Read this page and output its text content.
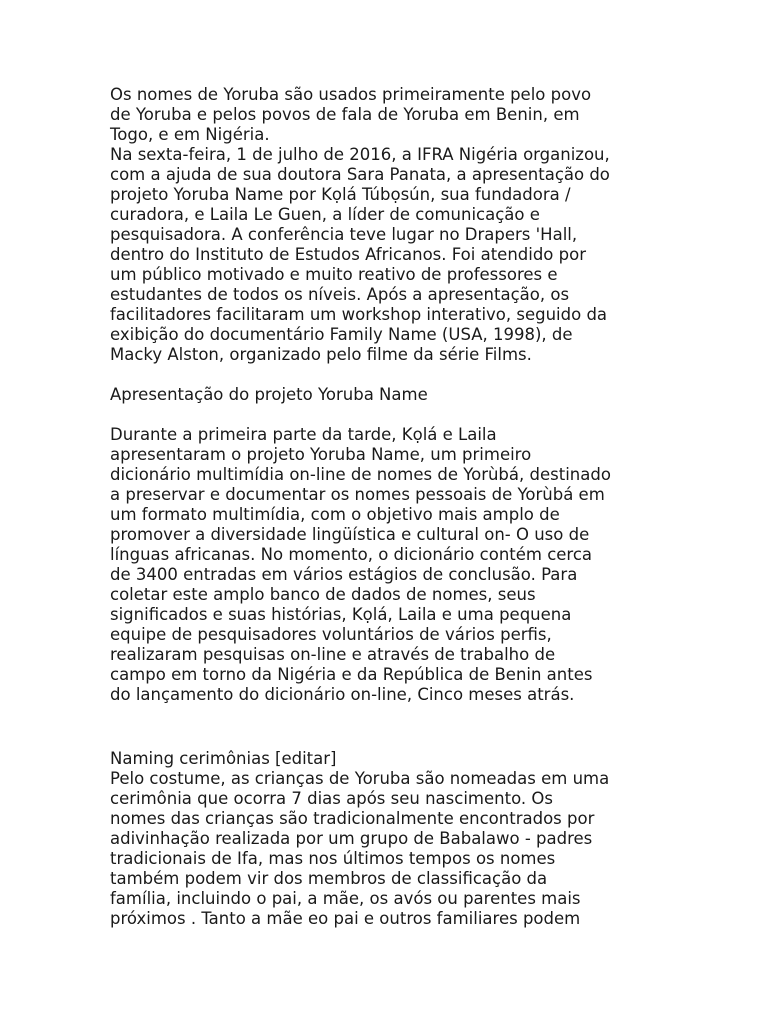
Os nomes de Yoruba são usados primeiramente pelo povo
de Yoruba e pelos povos de fala de Yoruba em Benin, em
Togo, e em Nigéria.
Na sexta-feira, 1 de julho de 2016, a IFRA Nigéria organizou,
com a ajuda de sua doutora Sara Panata, a apresentação do
projeto Yoruba Name por Kọlá Túbọsún, sua fundadora /
curadora, e Laila Le Guen, a líder de comunicação e
pesquisadora. A conferência teve lugar no Drapers 'Hall,
dentro do Instituto de Estudos Africanos. Foi atendido por
um público motivado e muito reativo de professores e
estudantes de todos os níveis. Após a apresentação, os
facilitadores facilitaram um workshop interativo, seguido da
exibição do documentário Family Name (USA, 1998), de
Macky Alston, organizado pelo filme da série Films.
Apresentação do projeto Yoruba Name
Durante a primeira parte da tarde, Kọlá e Laila
apresentaram o projeto Yoruba Name, um primeiro
dicionário multimídia on-line de nomes de Yorùbá, destinado
a preservar e documentar os nomes pessoais de Yorùbá em
um formato multimídia, com o objetivo mais amplo de
promover a diversidade lingüística e cultural on- O uso de
línguas africanas. No momento, o dicionário contém cerca
de 3400 entradas em vários estágios de conclusão. Para
coletar este amplo banco de dados de nomes, seus
significados e suas histórias, Kọlá, Laila e uma pequena
equipe de pesquisadores voluntários de vários perfis,
realizaram pesquisas on-line e através de trabalho de
campo em torno da Nigéria e da República de Benin antes
do lançamento do dicionário on-line, Cinco meses atrás.
Naming cerimônias [editar]
Pelo costume, as crianças de Yoruba são nomeadas em uma
cerimônia que ocorra 7 dias após seu nascimento. Os
nomes das crianças são tradicionalmente encontrados por
adivinhação realizada por um grupo de Babalawo - padres
tradicionais de Ifa, mas nos últimos tempos os nomes
também podem vir dos membros de classificação da
família, incluindo o pai, a mãe, os avós ou parentes mais
próximos . Tanto a mãe eo pai e outros familiares podem
